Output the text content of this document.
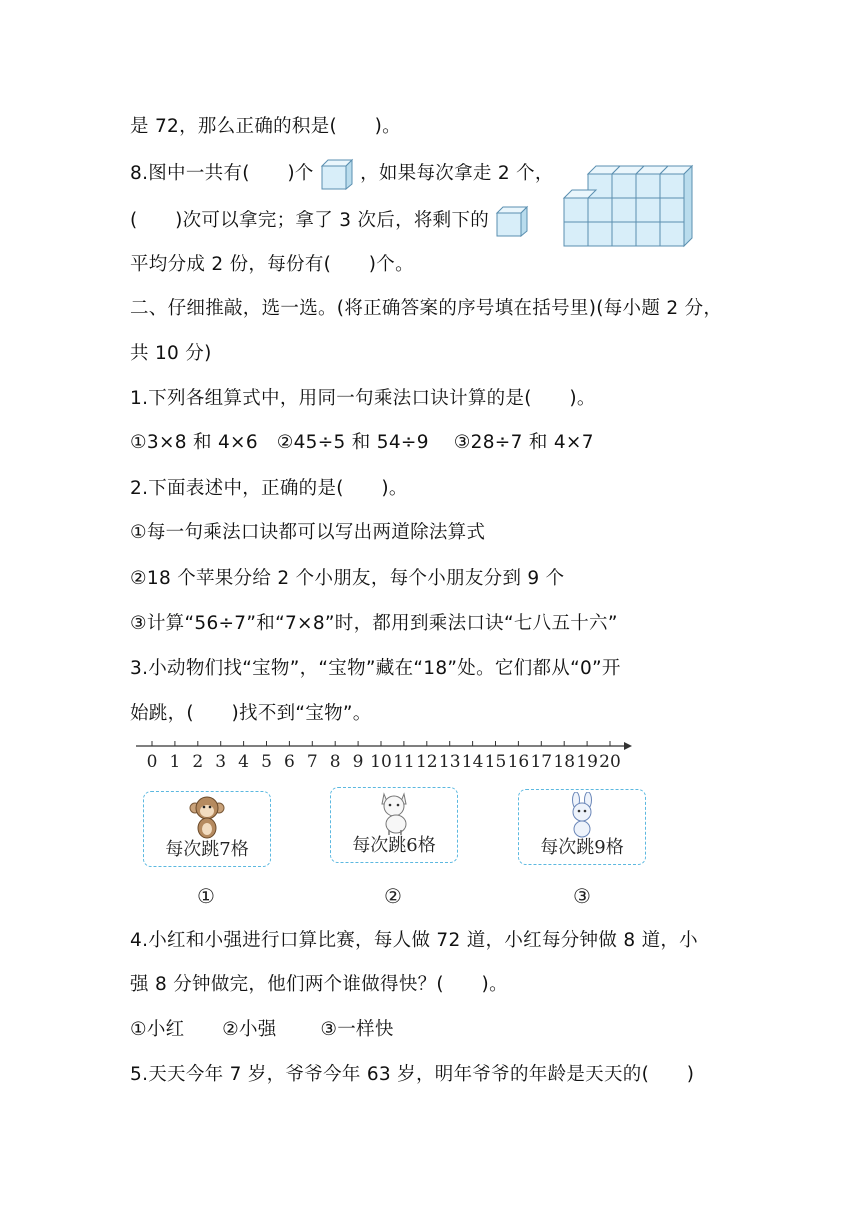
是 72，那么正确的积是(　　)。
8.图中一共有(　　)个	，如果每次拿走 2 个，
(　　)次可以拿完；拿了 3 次后，将剩下的
平均分成 2 份，每份有(　　)个。
二、仔细推敲，选一选。(将正确答案的序号填在括号里)(每小题 2 分，
共 10 分)
1.下列各组算式中，用同一句乘法口诀计算的是(　　)。
①3×8 和 4×6　②45÷5 和 54÷9　 ③28÷7 和 4×7
2.下面表述中，正确的是(　　)。
①每一句乘法口诀都可以写出两道除法算式
②18 个苹果分给 2 个小朋友，每个小朋友分到 9 个
③计算“56÷7”和“7×8”时，都用到乘法口诀“七八五十六”
3.小动物们找“宝物”，“宝物”藏在“18”处。它们都从“0”开
始跳，(　　)找不到“宝物”。
0 1 2 3 4 5 6 7 8 9 10 11 12 13 14 15 16 17 18 19 20
每次跳7格	每次跳6格	每次跳9格
①	②	③
4.小红和小强进行口算比赛，每人做 72 道，小红每分钟做 8 道，小
强 8 分钟做完，他们两个谁做得快？(　　)。
①小红　　②小强　　 ③一样快
5.天天今年 7 岁，爷爷今年 63 岁，明年爷爷的年龄是天天的(　　)
